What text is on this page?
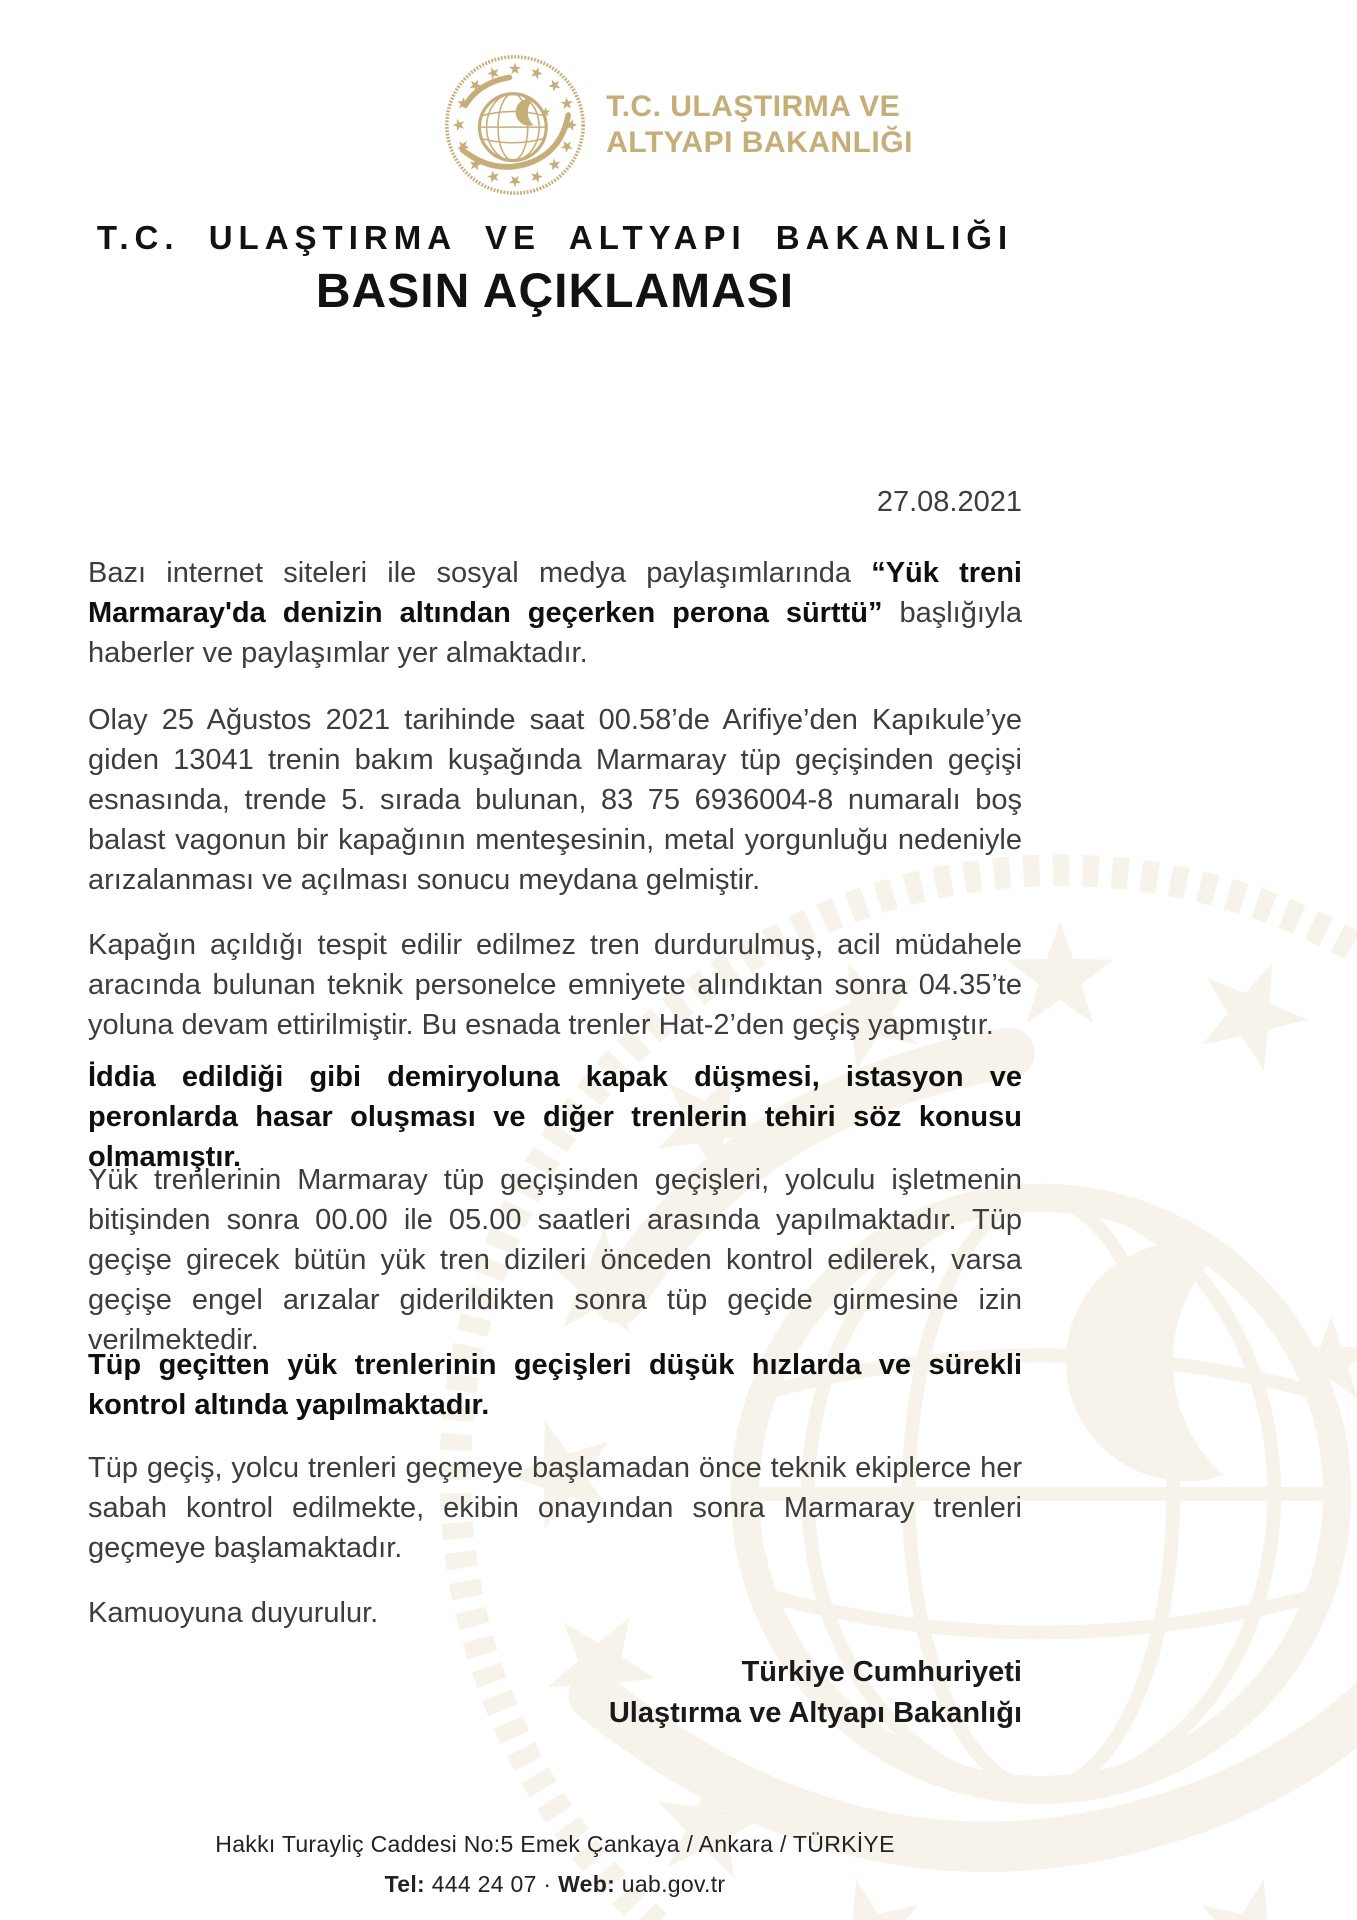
T.C. ULAŞTIRMA VE
ALTYAPI BAKANLIĞI
T.C. ULAŞTIRMA VE ALTYAPI BAKANLIĞI
BASIN AÇIKLAMASI
27.08.2021

Bazı internet siteleri ile sosyal medya paylaşımlarında “Yük treni Marmaray'da denizin altından geçerken perona sürttü” başlığıyla haberler ve paylaşımlar yer almaktadır.

Olay 25 Ağustos 2021 tarihinde saat 00.58’de Arifiye’den Kapıkule’ye giden 13041 trenin bakım kuşağında Marmaray tüp geçişinden geçişi esnasında, trende 5. sırada bulunan, 83 75 6936004-8 numaralı boş balast vagonun bir kapağının menteşesinin, metal yorgunluğu nedeniyle arızalanması ve açılması sonucu meydana gelmiştir.

Kapağın açıldığı tespit edilir edilmez tren durdurulmuş, acil müdahele aracında bulunan teknik personelce emniyete alındıktan sonra 04.35’te yoluna devam ettirilmiştir. Bu esnada trenler Hat-2’den geçiş yapmıştır.

İddia edildiği gibi demiryoluna kapak düşmesi, istasyon ve peronlarda hasar oluşması ve diğer trenlerin tehiri söz konusu olmamıştır.

Yük trenlerinin Marmaray tüp geçişinden geçişleri, yolculu işletmenin bitişinden sonra 00.00 ile 05.00 saatleri arasında yapılmaktadır. Tüp geçişe girecek bütün yük tren dizileri önceden kontrol edilerek, varsa geçişe engel arızalar giderildikten sonra tüp geçide girmesine izin verilmektedir.

Tüp geçitten yük trenlerinin geçişleri düşük hızlarda ve sürekli kontrol altında yapılmaktadır.

Tüp geçiş, yolcu trenleri geçmeye başlamadan önce teknik ekiplerce her sabah kontrol edilmekte, ekibin onayından sonra Marmaray trenleri geçmeye başlamaktadır.

Kamuoyuna duyurulur.

Türkiye Cumhuriyeti
Ulaştırma ve Altyapı Bakanlığı
Hakkı Turayliç Caddesi No:5 Emek Çankaya / Ankara / TÜRKİYE
Tel: 444 24 07 · Web: uab.gov.tr
